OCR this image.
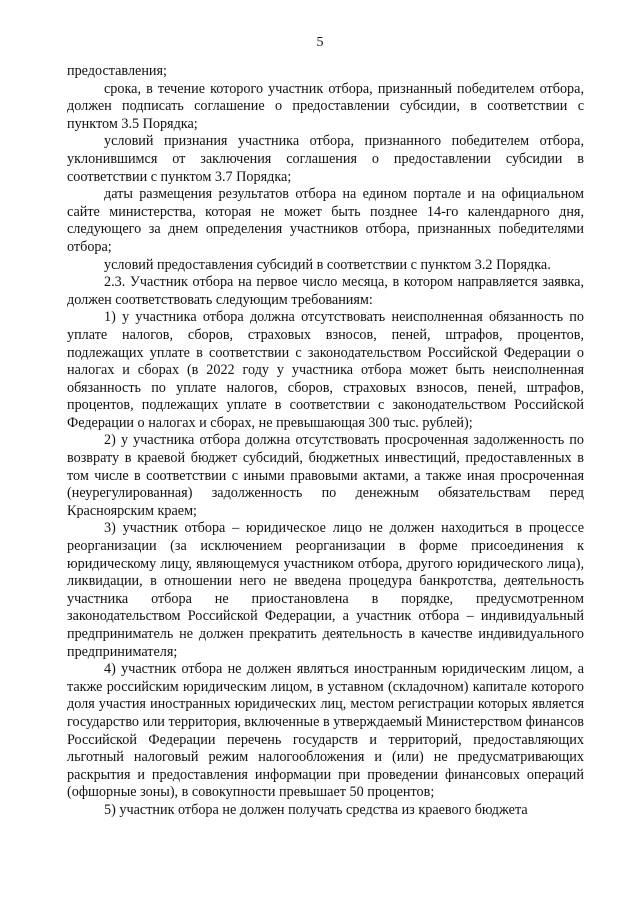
5

предоставления;

срока, в течение которого участник отбора, признанный победителем отбора, должен подписать соглашение о предоставлении субсидии, в соответствии с пунктом 3.5 Порядка;

условий признания участника отбора, признанного победителем отбора, уклонившимся от заключения соглашения о предоставлении субсидии в соответствии с пунктом 3.7 Порядка;

даты размещения результатов отбора на едином портале и на официальном сайте министерства, которая не может быть позднее 14-го календарного дня, следующего за днем определения участников отбора, признанных победителями отбора;

условий предоставления субсидий в соответствии с пунктом 3.2 Порядка.

2.3. Участник отбора на первое число месяца, в котором направляется заявка, должен соответствовать следующим требованиям:

1) у участника отбора должна отсутствовать неисполненная обязанность по уплате налогов, сборов, страховых взносов, пеней, штрафов, процентов, подлежащих уплате в соответствии с законодательством Российской Федерации о налогах и сборах (в 2022 году у участника отбора может быть неисполненная обязанность по уплате налогов, сборов, страховых взносов, пеней, штрафов, процентов, подлежащих уплате в соответствии с законодательством Российской Федерации о налогах и сборах, не превышающая 300 тыс. рублей);

2) у участника отбора должна отсутствовать просроченная задолженность по возврату в краевой бюджет субсидий, бюджетных инвестиций, предоставленных в том числе в соответствии с иными правовыми актами, а также иная просроченная (неурегулированная) задолженность по денежным обязательствам перед Красноярским краем;

3) участник отбора – юридическое лицо не должен находиться в процессе реорганизации (за исключением реорганизации в форме присоединения к юридическому лицу, являющемуся участником отбора, другого юридического лица), ликвидации, в отношении него не введена процедура банкротства, деятельность участника отбора не приостановлена в порядке, предусмотренном законодательством Российской Федерации, а участник отбора – индивидуальный предприниматель не должен прекратить деятельность в качестве индивидуального предпринимателя;

4) участник отбора не должен являться иностранным юридическим лицом, а также российским юридическим лицом, в уставном (складочном) капитале которого доля участия иностранных юридических лиц, местом регистрации которых является государство или территория, включенные в утверждаемый Министерством финансов Российской Федерации перечень государств и территорий, предоставляющих льготный налоговый режим налогообложения и (или) не предусматривающих раскрытия и предоставления информации при проведении финансовых операций (офшорные зоны), в совокупности превышает 50 процентов;

5) участник отбора не должен получать средства из краевого бюджета
